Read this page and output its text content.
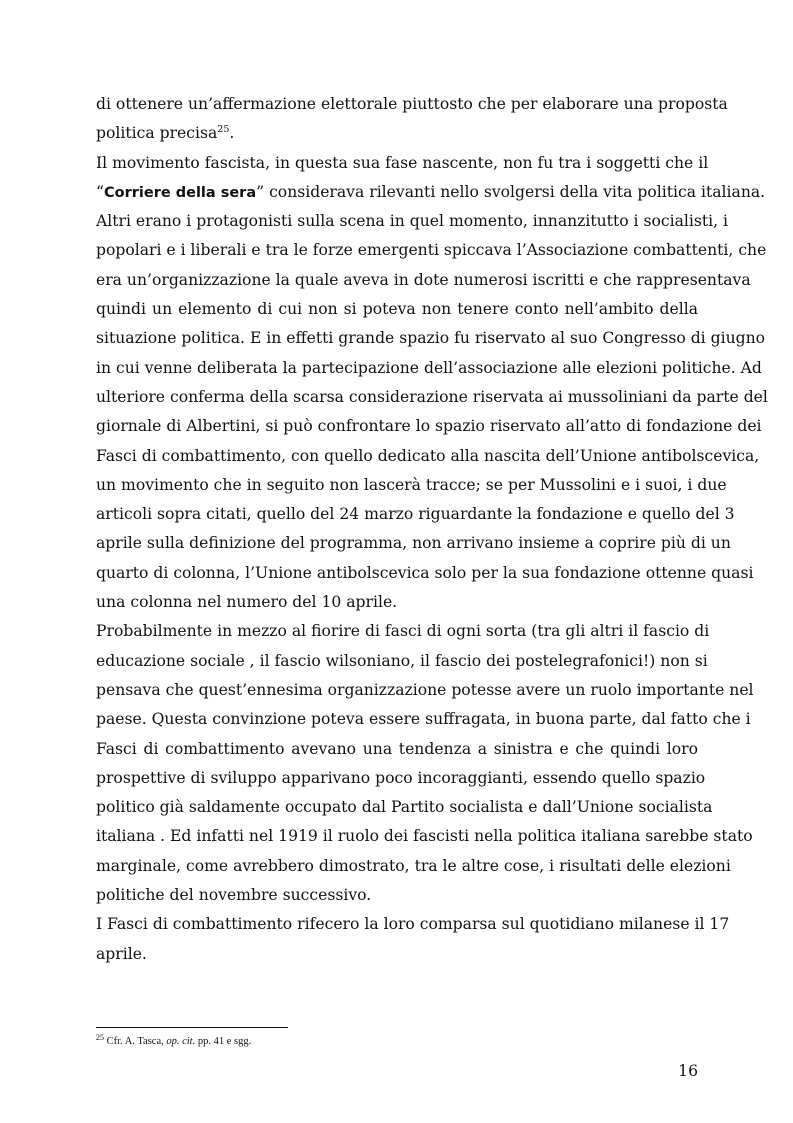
di ottenere un’affermazione elettorale piuttosto che per elaborare una proposta
politica precisa$^{25}$.
Il movimento fascista, in questa sua fase nascente, non fu tra i soggetti che il
“Corriere della sera” considerava rilevanti nello svolgersi della vita politica italiana.
Altri erano i protagonisti sulla scena in quel momento, innanzitutto i socialisti, i
popolari e i liberali e tra le forze emergenti spiccava l’Associazione combattenti, che
era un’organizzazione la quale aveva in dote numerosi iscritti e che rappresentava
quindi un elemento di cui non si poteva non tenere conto nell’ambito della
situazione politica. E in effetti grande spazio fu riservato al suo Congresso di giugno
in cui venne deliberata la partecipazione dell’associazione alle elezioni politiche. Ad
ulteriore conferma della scarsa considerazione riservata ai mussoliniani da parte del
giornale di Albertini, si può confrontare lo spazio riservato all’atto di fondazione dei
Fasci di combattimento, con quello dedicato alla nascita dell’Unione antibolscevica,
un movimento che in seguito non lascerà tracce; se per Mussolini e i suoi, i due
articoli sopra citati, quello del 24 marzo riguardante la fondazione e quello del 3
aprile sulla definizione del programma, non arrivano insieme a coprire più di un
quarto di colonna, l’Unione antibolscevica solo per la sua fondazione ottenne quasi
una colonna nel numero del 10 aprile.
Probabilmente in mezzo al fiorire di fasci di ogni sorta (tra gli altri il fascio di
educazione sociale , il fascio wilsoniano, il fascio dei postelegrafonici!) non si
pensava che quest’ennesima organizzazione potesse avere un ruolo importante nel
paese. Questa convinzione poteva essere suffragata, in buona parte, dal fatto che i
Fasci di combattimento avevano una tendenza a sinistra e che quindi loro
prospettive di sviluppo apparivano poco incoraggianti, essendo quello spazio
politico già saldamente occupato dal Partito socialista e dall’Unione socialista
italiana . Ed infatti nel 1919 il ruolo dei fascisti nella politica italiana sarebbe stato
marginale, come avrebbero dimostrato, tra le altre cose, i risultati delle elezioni
politiche del novembre successivo.
I Fasci di combattimento rifecero la loro comparsa sul quotidiano milanese il 17
aprile.
$^{25}$ Cfr. A. Tasca, op. cit. pp. 41 e sgg.
16
